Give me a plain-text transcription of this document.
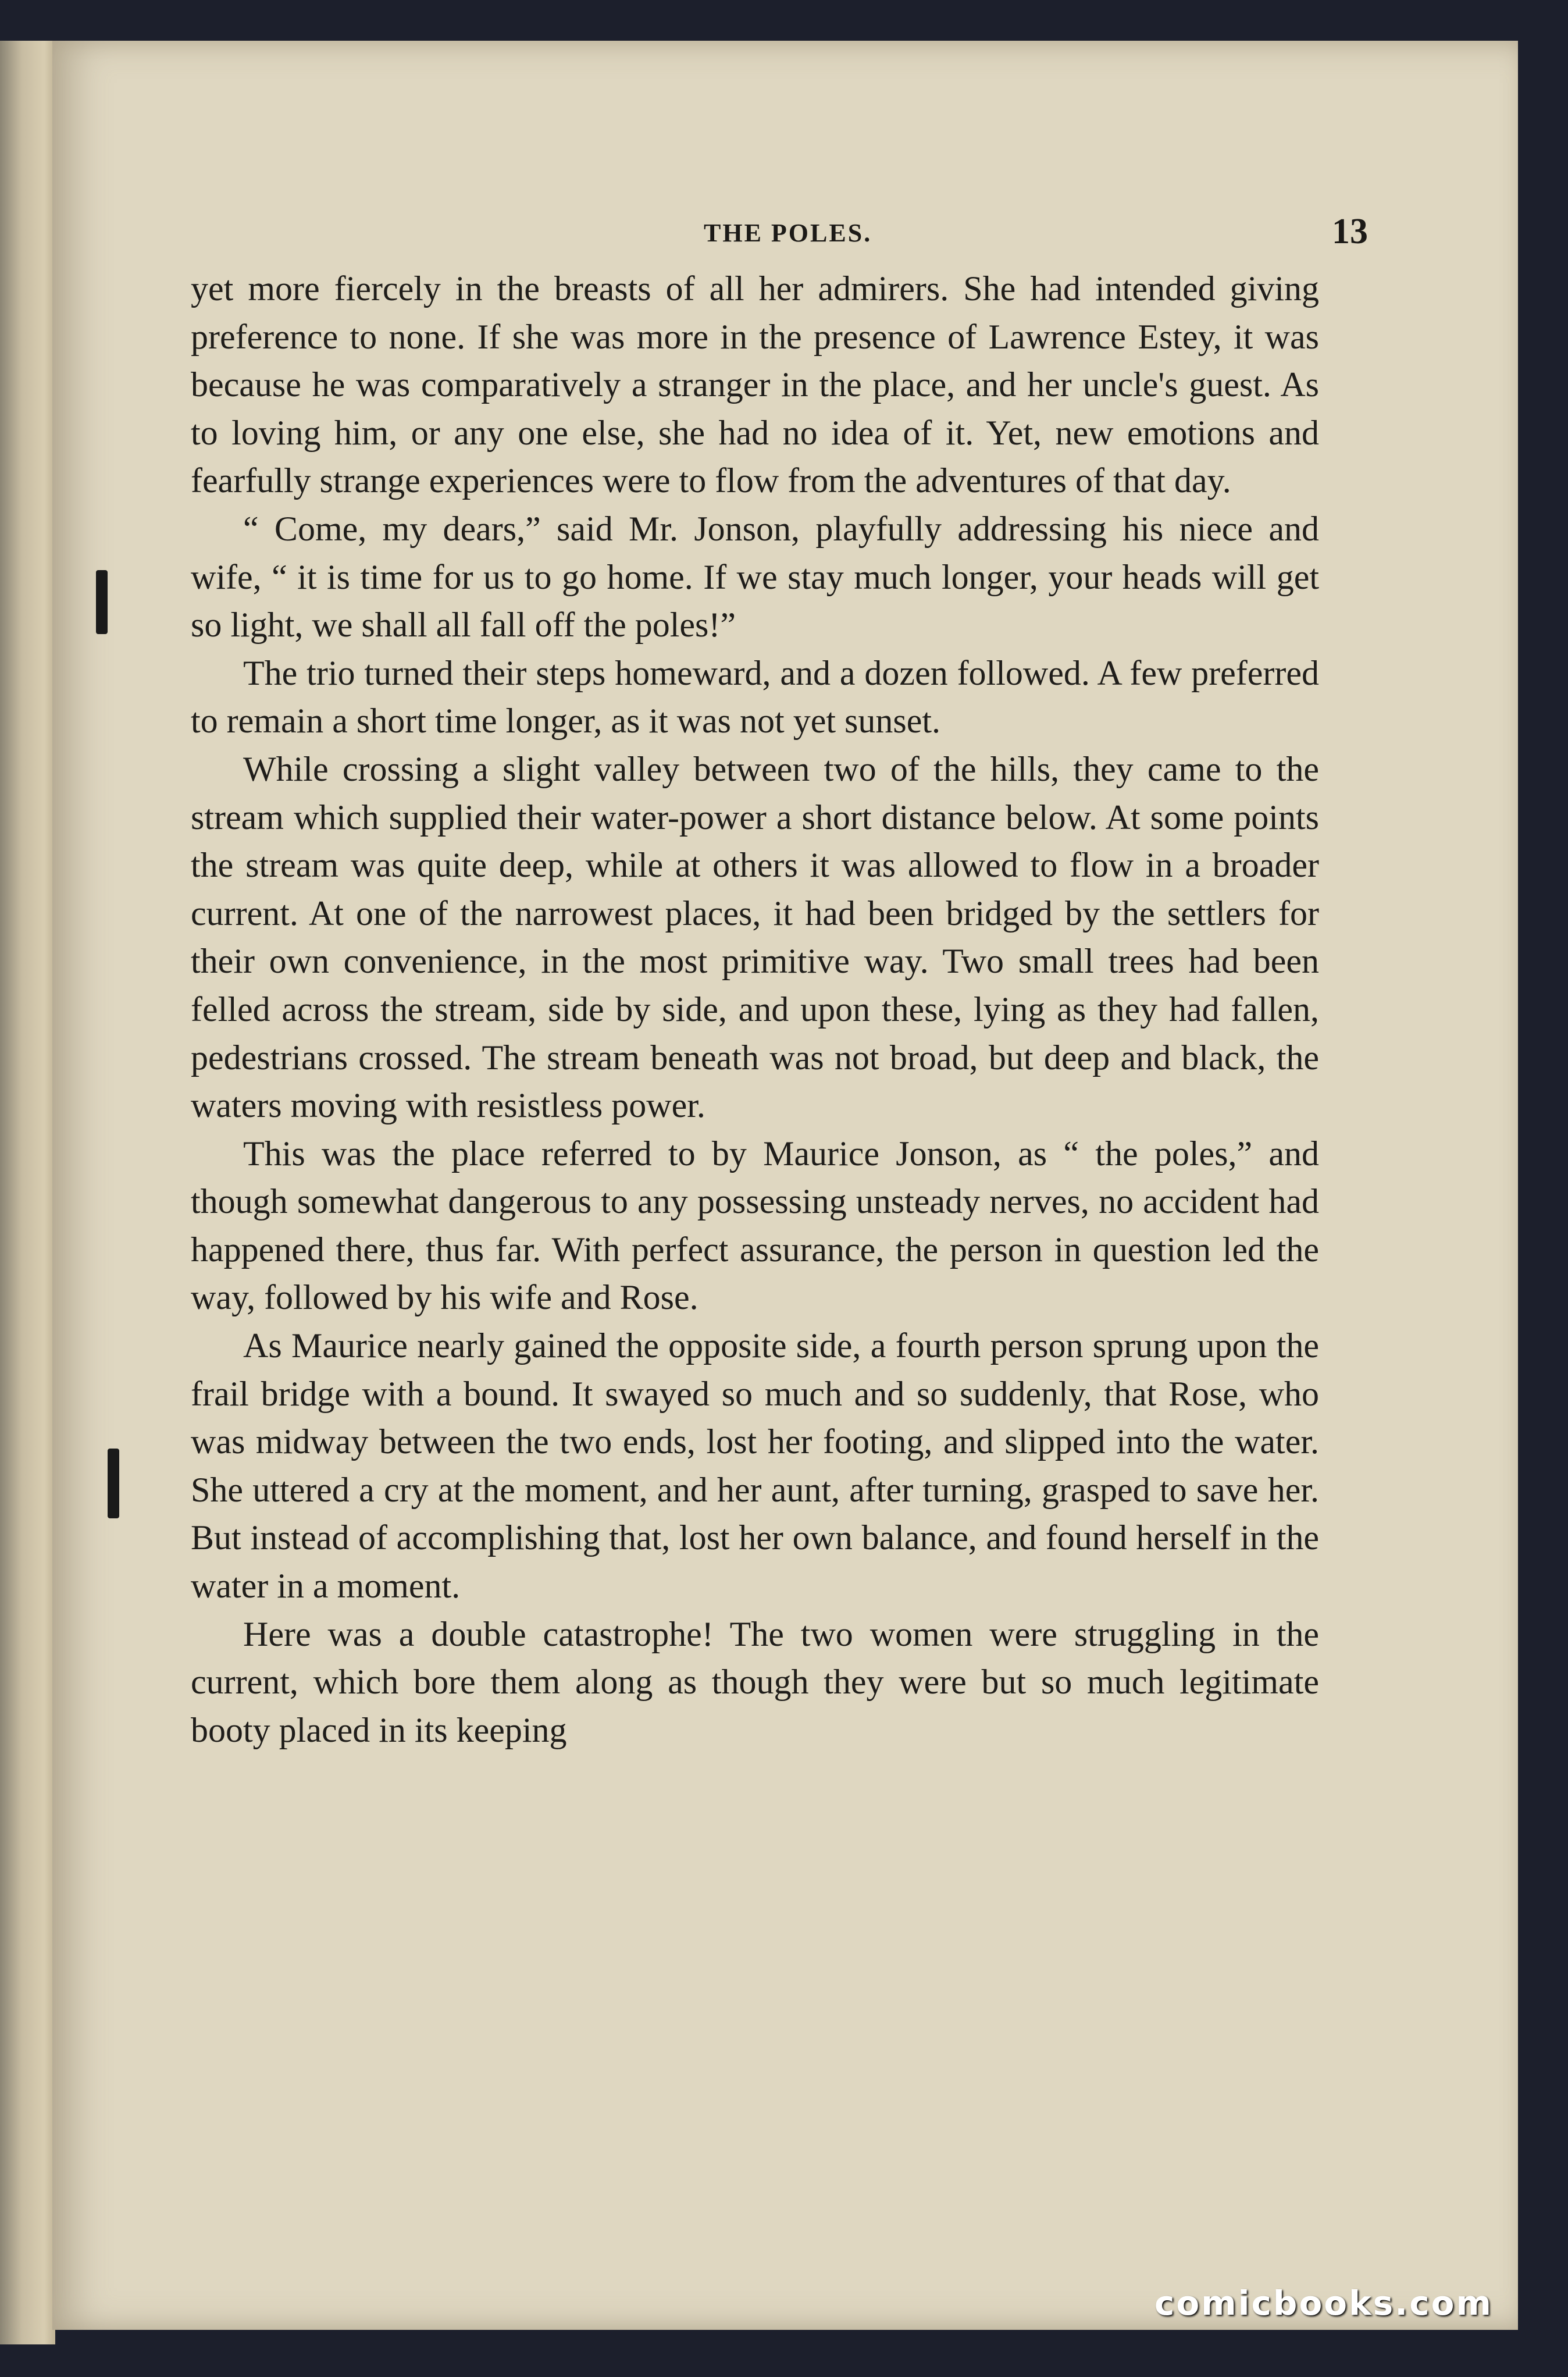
THE POLES.	13

yet more fiercely in the breasts of all her admirers. She had intended giving preference to none. If she was more in the presence of Lawrence Estey, it was because he was comparatively a stranger in the place, and her uncle's guest. As to loving him, or any one else, she had no idea of it. Yet, new emotions and fearfully strange experiences were to flow from the adventures of that day.

“ Come, my dears,” said Mr. Jonson, playfully addressing his niece and wife, “ it is time for us to go home. If we stay much longer, your heads will get so light, we shall all fall off the poles!”

The trio turned their steps homeward, and a dozen followed. A few preferred to remain a short time longer, as it was not yet sunset.

While crossing a slight valley between two of the hills, they came to the stream which supplied their water-power a short distance below. At some points the stream was quite deep, while at others it was allowed to flow in a broader current. At one of the narrowest places, it had been bridged by the settlers for their own convenience, in the most primitive way. Two small trees had been felled across the stream, side by side, and upon these, lying as they had fallen, pedestrians crossed. The stream beneath was not broad, but deep and black, the waters moving with resistless power.

This was the place referred to by Maurice Jonson, as “ the poles,” and though somewhat dangerous to any possessing unsteady nerves, no accident had happened there, thus far. With perfect assurance, the person in question led the way, followed by his wife and Rose.

As Maurice nearly gained the opposite side, a fourth person sprung upon the frail bridge with a bound. It swayed so much and so suddenly, that Rose, who was midway between the two ends, lost her footing, and slipped into the water. She uttered a cry at the moment, and her aunt, after turning, grasped to save her. But instead of accomplishing that, lost her own balance, and found herself in the water in a moment.

Here was a double catastrophe! The two women were struggling in the current, which bore them along as though they were but so much legitimate booty placed in its keeping

comicbooks.com
